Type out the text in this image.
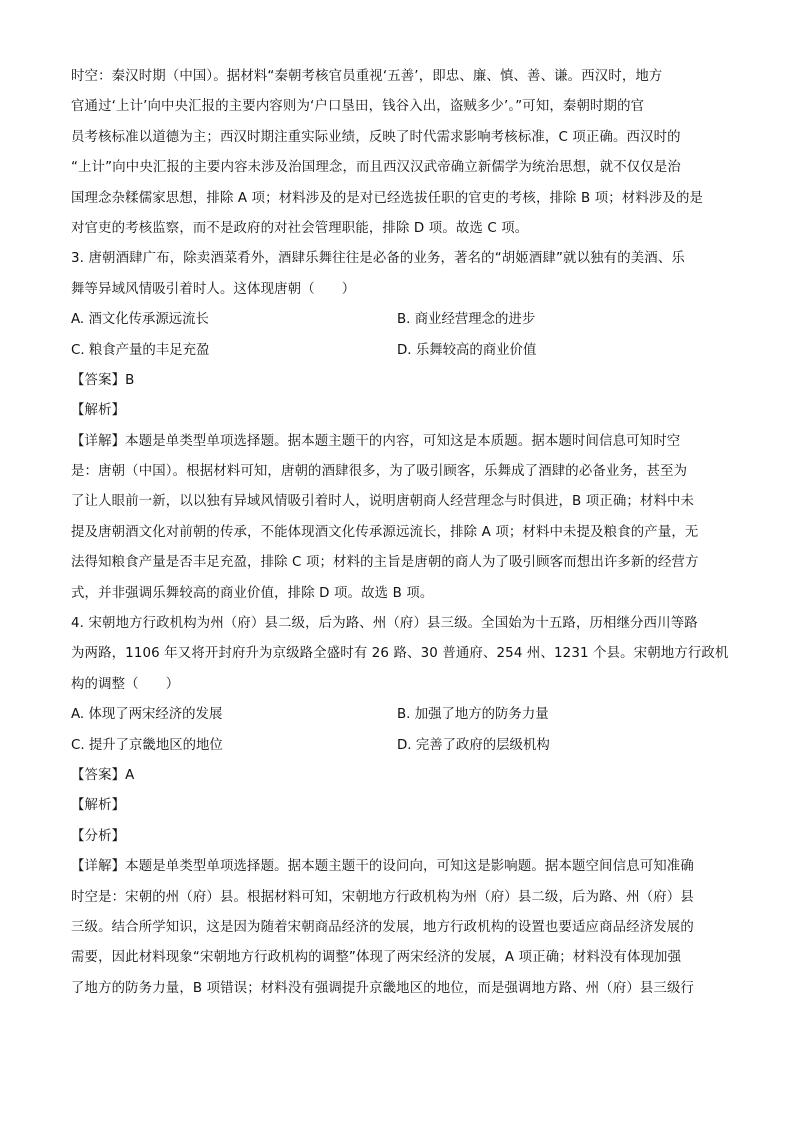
时空：秦汉时期（中国）。据材料“秦朝考核官员重视‘五善’，即忠、廉、慎、善、谦。西汉时，地方
官通过‘上计’向中央汇报的主要内容则为‘户口垦田，钱谷入出，盗贼多少’。”可知，秦朝时期的官
员考核标准以道德为主；西汉时期注重实际业绩，反映了时代需求影响考核标准，C 项正确。西汉时的
“上计”向中央汇报的主要内容未涉及治国理念，而且西汉汉武帝确立新儒学为统治思想，就不仅仅是治
国理念杂糅儒家思想，排除 A 项；材料涉及的是对已经选拔任职的官吏的考核，排除 B 项；材料涉及的是
对官吏的考核监察，而不是政府的对社会管理职能，排除 D 项。故选 C 项。
3. 唐朝酒肆广布，除卖酒菜肴外，酒肆乐舞往往是必备的业务，著名的“胡姬酒肆”就以独有的美酒、乐
舞等异域风情吸引着时人。这体现唐朝（　　）
A. 酒文化传承源远流长	B. 商业经营理念的进步
C. 粮食产量的丰足充盈	D. 乐舞较高的商业价值
【答案】B
【解析】
【详解】本题是单类型单项选择题。据本题主题干的内容，可知这是本质题。据本题时间信息可知时空
是：唐朝（中国）。根据材料可知，唐朝的酒肆很多，为了吸引顾客，乐舞成了酒肆的必备业务，甚至为
了让人眼前一新，以以独有异域风情吸引着时人，说明唐朝商人经营理念与时俱进，B 项正确；材料中未
提及唐朝酒文化对前朝的传承，不能体现酒文化传承源远流长，排除 A 项；材料中未提及粮食的产量，无
法得知粮食产量是否丰足充盈，排除 C 项；材料的主旨是唐朝的商人为了吸引顾客而想出许多新的经营方
式，并非强调乐舞较高的商业价值，排除 D 项。故选 B 项。
4. 宋朝地方行政机构为州（府）县二级，后为路、州（府）县三级。全国始为十五路，历相继分西川等路
为两路，1106 年又将开封府升为京级路全盛时有 26 路、30 普通府、254 州、1231 个县。宋朝地方行政机
构的调整（　　）
A. 体现了两宋经济的发展	B. 加强了地方的防务力量
C. 提升了京畿地区的地位	D. 完善了政府的层级机构
【答案】A
【解析】
【分析】
【详解】本题是单类型单项选择题。据本题主题干的设问向，可知这是影响题。据本题空间信息可知准确
时空是：宋朝的州（府）县。根据材料可知，宋朝地方行政机构为州（府）县二级，后为路、州（府）县
三级。结合所学知识，这是因为随着宋朝商品经济的发展，地方行政机构的设置也要适应商品经济发展的
需要，因此材料现象“宋朝地方行政机构的调整”体现了两宋经济的发展，A 项正确；材料没有体现加强
了地方的防务力量，B 项错误；材料没有强调提升京畿地区的地位，而是强调地方路、州（府）县三级行
